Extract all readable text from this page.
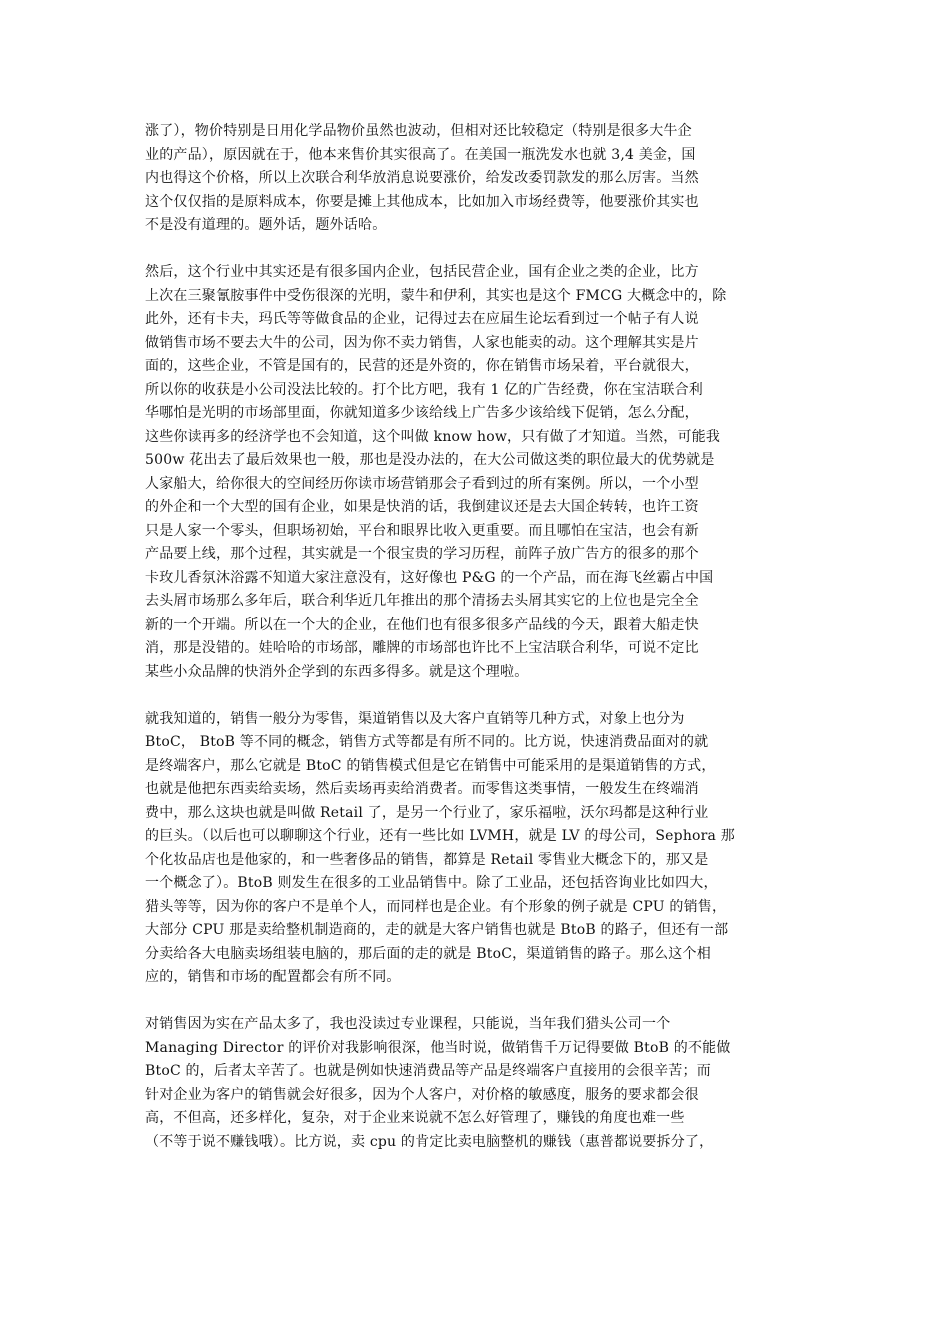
涨了），物价特别是日用化学品物价虽然也波动，但相对还比较稳定（特别是很多大牛企
业的产品），原因就在于，他本来售价其实很高了。在美国一瓶洗发水也就 3,4 美金，国
内也得这个价格，所以上次联合利华放消息说要涨价，给发改委罚款发的那么厉害。当然
这个仅仅指的是原料成本，你要是摊上其他成本，比如加入市场经费等，他要涨价其实也
不是没有道理的。题外话，题外话哈。
然后，这个行业中其实还是有很多国内企业，包括民营企业，国有企业之类的企业，比方
上次在三聚氰胺事件中受伤很深的光明，蒙牛和伊利，其实也是这个 FMCG 大概念中的，除
此外，还有卡夫，玛氏等等做食品的企业，记得过去在应届生论坛看到过一个帖子有人说
做销售市场不要去大牛的公司，因为你不卖力销售，人家也能卖的动。这个理解其实是片
面的，这些企业，不管是国有的，民营的还是外资的，你在销售市场呆着，平台就很大，
所以你的收获是小公司没法比较的。打个比方吧，我有 1 亿的广告经费，你在宝洁联合利
华哪怕是光明的市场部里面，你就知道多少该给线上广告多少该给线下促销，怎么分配，
这些你读再多的经济学也不会知道，这个叫做 know how，只有做了才知道。当然，可能我
500w 花出去了最后效果也一般，那也是没办法的，在大公司做这类的职位最大的优势就是
人家船大，给你很大的空间经历你读市场营销那会子看到过的所有案例。所以，一个小型
的外企和一个大型的国有企业，如果是快消的话，我倒建议还是去大国企转转，也许工资
只是人家一个零头，但职场初始，平台和眼界比收入更重要。而且哪怕在宝洁，也会有新
产品要上线，那个过程，其实就是一个很宝贵的学习历程，前阵子放广告方的很多的那个
卡玫儿香氛沐浴露不知道大家注意没有，这好像也 P&G 的一个产品，而在海飞丝霸占中国
去头屑市场那么多年后，联合利华近几年推出的那个清扬去头屑其实它的上位也是完全全
新的一个开端。所以在一个大的企业，在他们也有很多很多产品线的今天，跟着大船走快
消，那是没错的。娃哈哈的市场部，雕牌的市场部也许比不上宝洁联合利华，可说不定比
某些小众品牌的快消外企学到的东西多得多。就是这个理啦。
就我知道的，销售一般分为零售，渠道销售以及大客户直销等几种方式，对象上也分为
BtoC， BtoB 等不同的概念，销售方式等都是有所不同的。比方说，快速消费品面对的就
是终端客户，那么它就是 BtoC 的销售模式但是它在销售中可能采用的是渠道销售的方式，
也就是他把东西卖给卖场，然后卖场再卖给消费者。而零售这类事情，一般发生在终端消
费中，那么这块也就是叫做 Retail 了，是另一个行业了，家乐福啦，沃尔玛都是这种行业
的巨头。（以后也可以聊聊这个行业，还有一些比如 LVMH，就是 LV 的母公司，Sephora 那
个化妆品店也是他家的，和一些奢侈品的销售，都算是 Retail 零售业大概念下的，那又是
一个概念了）。BtoB 则发生在很多的工业品销售中。除了工业品，还包括咨询业比如四大，
猎头等等，因为你的客户不是单个人，而同样也是企业。有个形象的例子就是 CPU 的销售，
大部分 CPU 那是卖给整机制造商的，走的就是大客户销售也就是 BtoB 的路子，但还有一部
分卖给各大电脑卖场组装电脑的，那后面的走的就是 BtoC，渠道销售的路子。那么这个相
应的，销售和市场的配置都会有所不同。
对销售因为实在产品太多了，我也没读过专业课程，只能说，当年我们猎头公司一个
Managing Director 的评价对我影响很深，他当时说，做销售千万记得要做 BtoB 的不能做
BtoC 的，后者太辛苦了。也就是例如快速消费品等产品是终端客户直接用的会很辛苦；而
针对企业为客户的销售就会好很多，因为个人客户，对价格的敏感度，服务的要求都会很
高，不但高，还多样化，复杂，对于企业来说就不怎么好管理了，赚钱的角度也难一些
（不等于说不赚钱哦）。比方说，卖 cpu 的肯定比卖电脑整机的赚钱（惠普都说要拆分了，
